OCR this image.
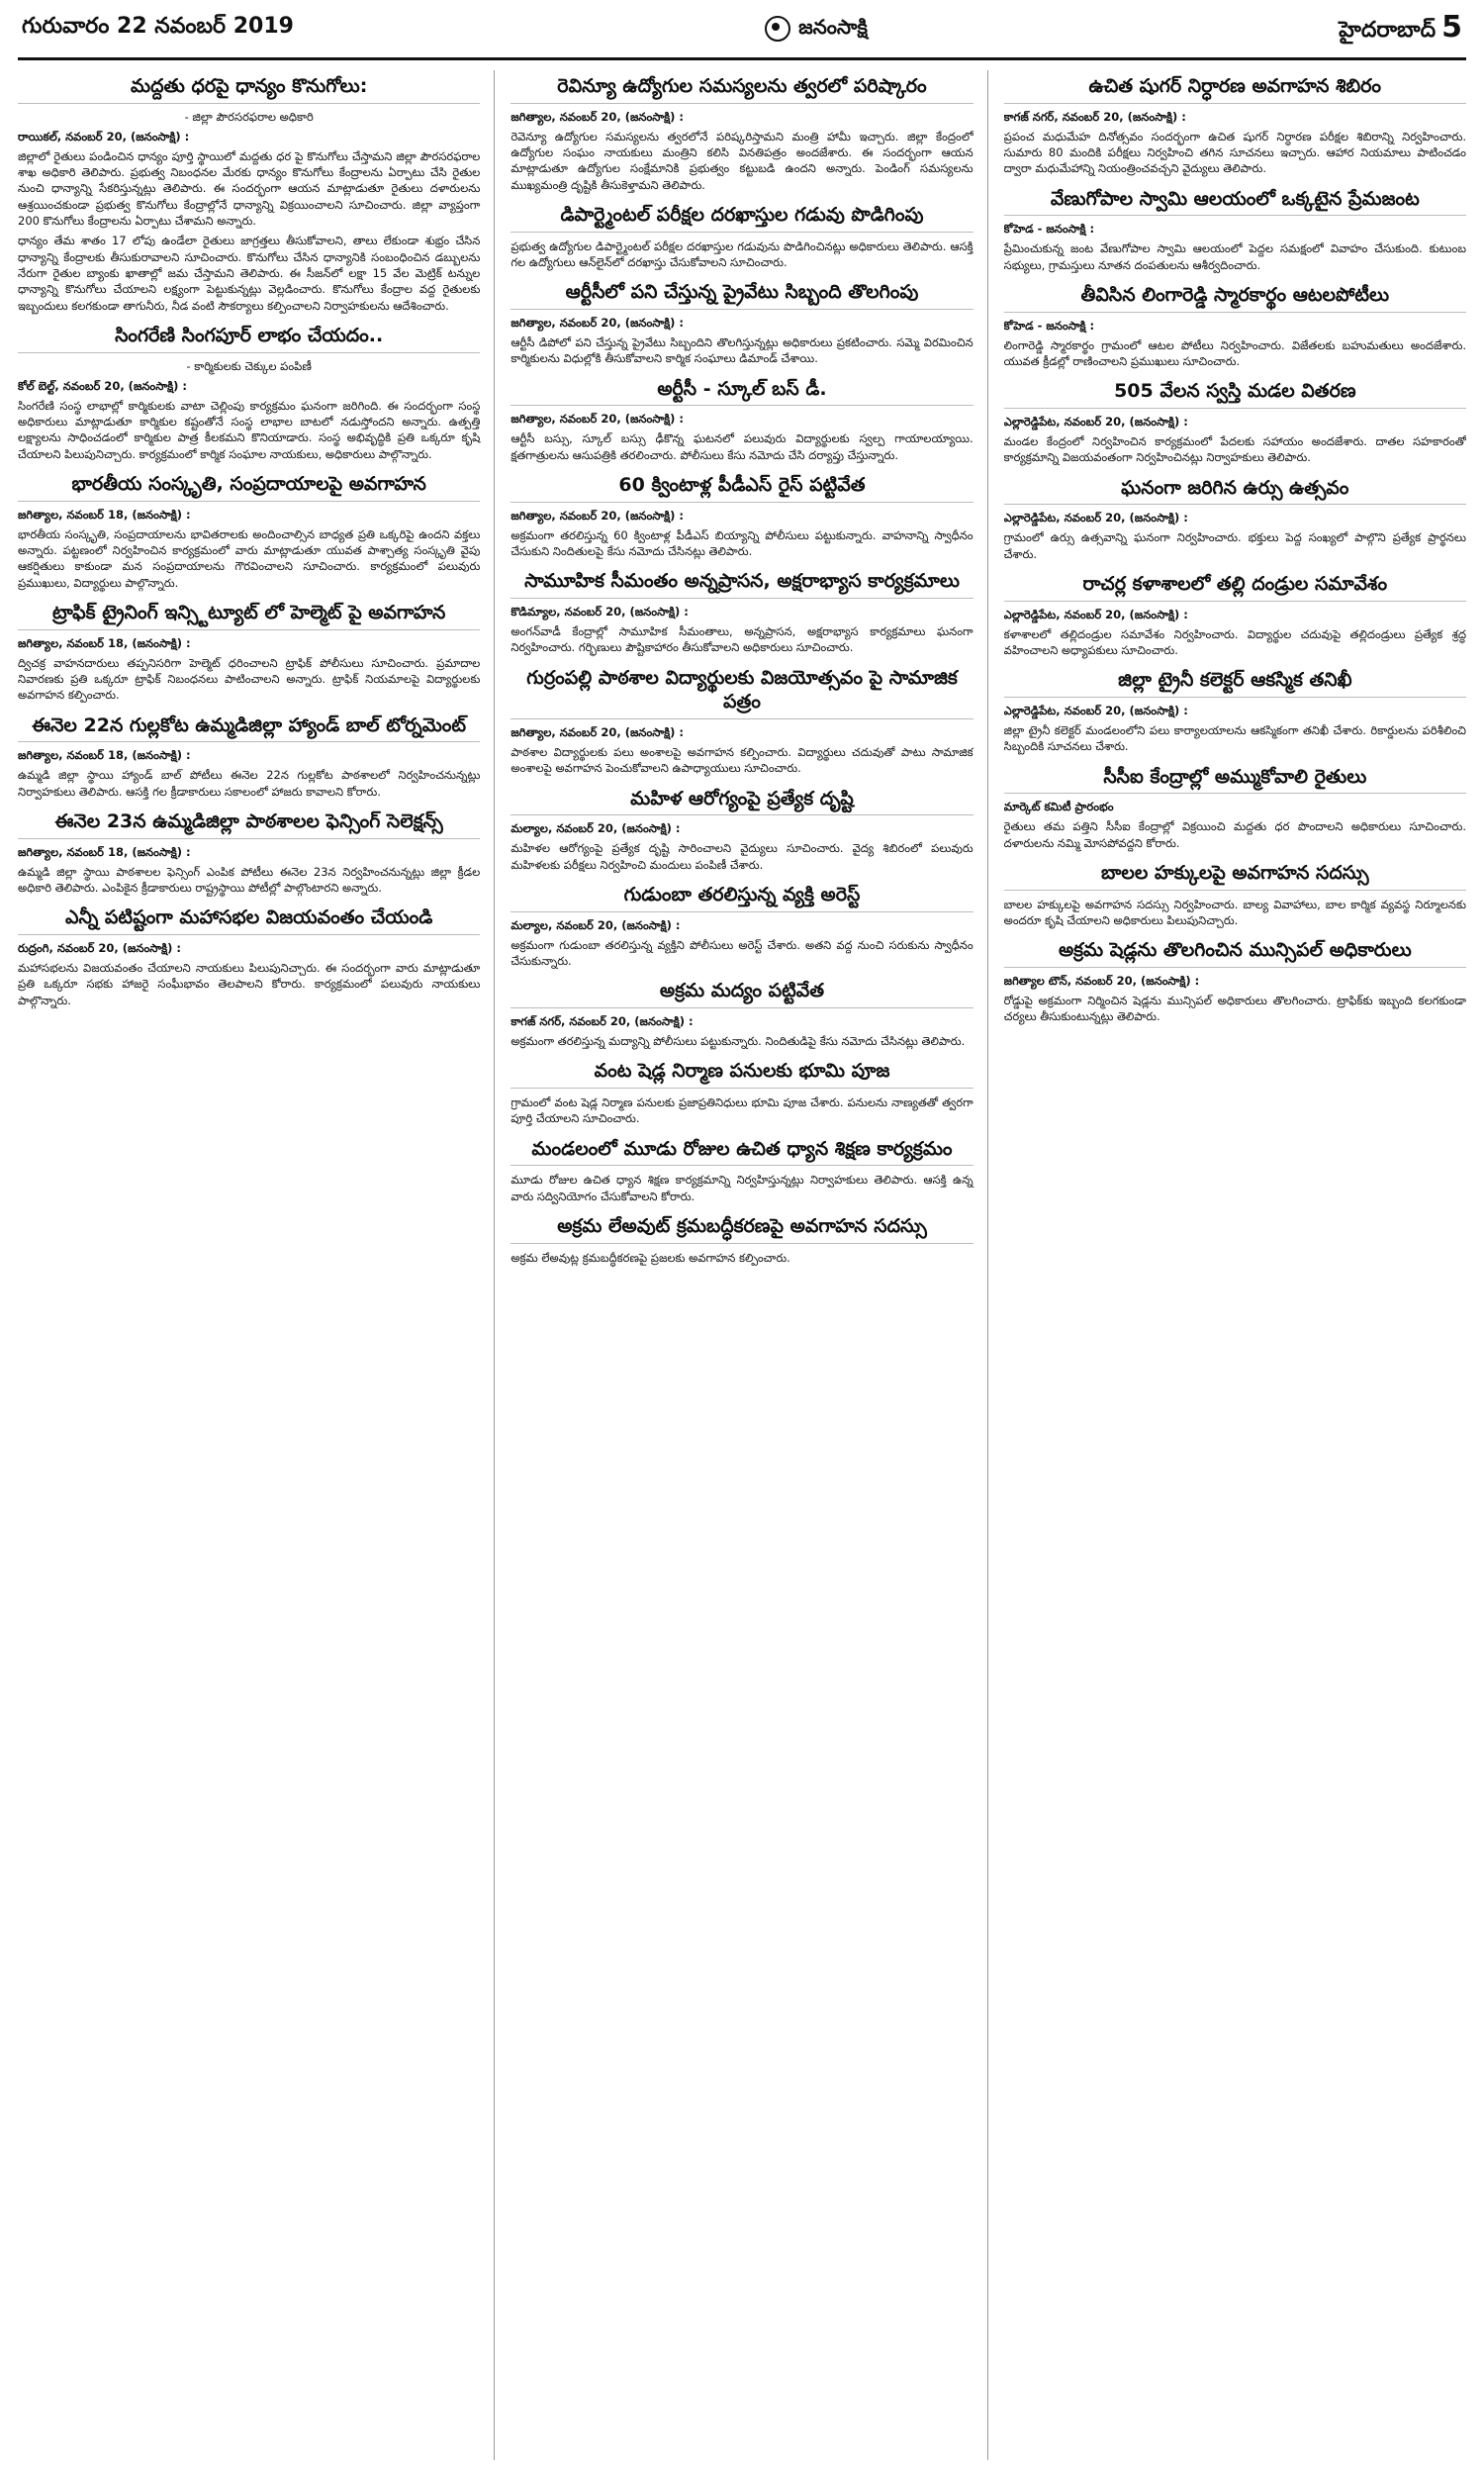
గురువారం 22 నవంబర్ 2019	జనంసాక్షి	హైదరాబాద్ 5
మద్దతు ధరపై ధాన్యం కొనుగోలు:
- జిల్లా పౌరసరఫరాల అధికారి
రాయికల్, నవంబర్ 20, (జనంసాక్షి) :

జిల్లాలో రైతులు పండించిన ధాన్యం పూర్తి స్థాయిలో మద్దతు ధర పై కొనుగోలు చేస్తామని జిల్లా పౌరసరఫరాల శాఖ అధికారి తెలిపారు. ప్రభుత్వ నిబంధనల మేరకు ధాన్యం కొనుగోలు కేంద్రాలను ఏర్పాటు చేసి రైతుల నుంచి ధాన్యాన్ని సేకరిస్తున్నట్లు తెలిపారు. ఈ సందర్భంగా ఆయన మాట్లాడుతూ రైతులు దళారులను ఆశ్రయించకుండా ప్రభుత్వ కొనుగోలు కేంద్రాల్లోనే ధాన్యాన్ని విక్రయించాలని సూచించారు. జిల్లా వ్యాప్తంగా 200 కొనుగోలు కేంద్రాలను ఏర్పాటు చేశామని అన్నారు.

ధాన్యం తేమ శాతం 17 లోపు ఉండేలా రైతులు జాగ్రత్తలు తీసుకోవాలని, తాలు లేకుండా శుభ్రం చేసిన ధాన్యాన్ని కేంద్రాలకు తీసుకురావాలని సూచించారు. కొనుగోలు చేసిన ధాన్యానికి సంబంధించిన డబ్బులను నేరుగా రైతుల బ్యాంకు ఖాతాల్లో జమ చేస్తామని తెలిపారు. ఈ సీజన్‌లో లక్షా 15 వేల మెట్రిక్ టన్నుల ధాన్యాన్ని కొనుగోలు చేయాలని లక్ష్యంగా పెట్టుకున్నట్లు వెల్లడించారు. కొనుగోలు కేంద్రాల వద్ద రైతులకు ఇబ్బందులు కలగకుండా తాగునీరు, నీడ వంటి సౌకర్యాలు కల్పించాలని నిర్వాహకులను ఆదేశించారు.

సింగరేణి సింగపూర్ లాభం చేయదం..
- కార్మికులకు చెక్కుల పంపిణీ
కోల్ బెల్ట్, నవంబర్ 20, (జనంసాక్షి) :

సింగరేణి సంస్థ లాభాల్లో కార్మికులకు వాటా చెల్లింపు కార్యక్రమం ఘనంగా జరిగింది. ఈ సందర్భంగా సంస్థ అధికారులు మాట్లాడుతూ కార్మికుల కష్టంతోనే సంస్థ లాభాల బాటలో నడుస్తోందని అన్నారు. ఉత్పత్తి లక్ష్యాలను సాధించడంలో కార్మికుల పాత్ర కీలకమని కొనియాడారు. సంస్థ అభివృద్ధికి ప్రతి ఒక్కరూ కృషి చేయాలని పిలుపునిచ్చారు. కార్యక్రమంలో కార్మిక సంఘాల నాయకులు, అధికారులు పాల్గొన్నారు.

భారతీయ సంస్కృతి, సంప్రదాయాలపై అవగాహన
జగిత్యాల, నవంబర్ 18, (జనంసాక్షి) :

భారతీయ సంస్కృతి, సంప్రదాయాలను భావితరాలకు అందించాల్సిన బాధ్యత ప్రతి ఒక్కరిపై ఉందని వక్తలు అన్నారు. పట్టణంలో నిర్వహించిన కార్యక్రమంలో వారు మాట్లాడుతూ యువత పాశ్చాత్య సంస్కృతి వైపు ఆకర్షితులు కాకుండా మన సంప్రదాయాలను గౌరవించాలని సూచించారు. కార్యక్రమంలో పలువురు ప్రముఖులు, విద్యార్థులు పాల్గొన్నారు.

ట్రాఫిక్ ట్రైనింగ్ ఇన్స్టిట్యూట్ లో హెల్మెట్ పై అవగాహన
జగిత్యాల, నవంబర్ 18, (జనంసాక్షి) :

ద్విచక్ర వాహనదారులు తప్పనిసరిగా హెల్మెట్ ధరించాలని ట్రాఫిక్ పోలీసులు సూచించారు. ప్రమాదాల నివారణకు ప్రతి ఒక్కరూ ట్రాఫిక్ నిబంధనలు పాటించాలని అన్నారు. ట్రాఫిక్ నియమాలపై విద్యార్థులకు అవగాహన కల్పించారు.

ఈనెల 22న గుల్లకోట ఉమ్మడిజిల్లా హ్యాండ్ బాల్ టోర్నమెంట్
జగిత్యాల, నవంబర్ 18, (జనంసాక్షి) :

ఉమ్మడి జిల్లా స్థాయి హ్యాండ్ బాల్ పోటీలు ఈనెల 22న గుల్లకోట పాఠశాలలో నిర్వహించనున్నట్లు నిర్వాహకులు తెలిపారు. ఆసక్తి గల క్రీడాకారులు సకాలంలో హాజరు కావాలని కోరారు.

ఈనెల 23న ఉమ్మడిజిల్లా పాఠశాలల ఫెన్సింగ్ సెలెక్షన్స్
జగిత్యాల, నవంబర్ 18, (జనంసాక్షి) :

ఉమ్మడి జిల్లా స్థాయి పాఠశాలల ఫెన్సింగ్ ఎంపిక పోటీలు ఈనెల 23న నిర్వహించనున్నట్లు జిల్లా క్రీడల అధికారి తెలిపారు. ఎంపికైన క్రీడాకారులు రాష్ట్రస్థాయి పోటీల్లో పాల్గొంటారని అన్నారు.

ఎన్నీ పటిష్టంగా మహాసభల విజయవంతం చేయండి
రుద్రంగి, నవంబర్ 20, (జనంసాక్షి) :

మహాసభలను విజయవంతం చేయాలని నాయకులు పిలుపునిచ్చారు. ఈ సందర్భంగా వారు మాట్లాడుతూ ప్రతి ఒక్కరూ సభకు హాజరై సంఘీభావం తెలపాలని కోరారు. కార్యక్రమంలో పలువురు నాయకులు పాల్గొన్నారు.

రెవిన్యూ ఉద్యోగుల సమస్యలను త్వరలో పరిష్కారం
జగిత్యాల, నవంబర్ 20, (జనంసాక్షి) :

రెవెన్యూ ఉద్యోగుల సమస్యలను త్వరలోనే పరిష్కరిస్తామని మంత్రి హామీ ఇచ్చారు. జిల్లా కేంద్రంలో ఉద్యోగుల సంఘం నాయకులు మంత్రిని కలిసి వినతిపత్రం అందజేశారు. ఈ సందర్భంగా ఆయన మాట్లాడుతూ ఉద్యోగుల సంక్షేమానికి ప్రభుత్వం కట్టుబడి ఉందని అన్నారు. పెండింగ్ సమస్యలను ముఖ్యమంత్రి దృష్టికి తీసుకెళ్తామని తెలిపారు.

డిపార్ట్మెంటల్ పరీక్షల దరఖాస్తుల గడువు పొడిగింపు

ప్రభుత్వ ఉద్యోగుల డిపార్ట్మెంటల్ పరీక్షల దరఖాస్తుల గడువును పొడిగించినట్లు అధికారులు తెలిపారు. ఆసక్తి గల ఉద్యోగులు ఆన్‌లైన్‌లో దరఖాస్తు చేసుకోవాలని సూచించారు.

ఆర్టీసీలో పని చేస్తున్న ప్రైవేటు సిబ్బంది తొలగింపు
జగిత్యాల, నవంబర్ 20, (జనంసాక్షి) :

ఆర్టీసీ డిపోలో పని చేస్తున్న ప్రైవేటు సిబ్బందిని తొలగిస్తున్నట్లు అధికారులు ప్రకటించారు. సమ్మె విరమించిన కార్మికులను విధుల్లోకి తీసుకోవాలని కార్మిక సంఘాలు డిమాండ్ చేశాయి.

అర్టీసీ - స్కూల్ బస్ డీ.
జగిత్యాల, నవంబర్ 20, (జనంసాక్షి) :

ఆర్టీసీ బస్సు, స్కూల్ బస్సు ఢీకొన్న ఘటనలో పలువురు విద్యార్థులకు స్వల్ప గాయాలయ్యాయి. క్షతగాత్రులను ఆసుపత్రికి తరలించారు. పోలీసులు కేసు నమోదు చేసి దర్యాప్తు చేస్తున్నారు.

60 క్వింటాళ్ల పీడీఎస్ రైస్ పట్టివేత
జగిత్యాల, నవంబర్ 20, (జనంసాక్షి) :

అక్రమంగా తరలిస్తున్న 60 క్వింటాళ్ల పీడీఎస్ బియ్యాన్ని పోలీసులు పట్టుకున్నారు. వాహనాన్ని స్వాధీనం చేసుకుని నిందితులపై కేసు నమోదు చేసినట్లు తెలిపారు.

సామూహిక సీమంతం అన్నప్రాసన, అక్షరాభ్యాస కార్యక్రమాలు
కొడిమ్యాల, నవంబర్ 20, (జనంసాక్షి) :

అంగన్‌వాడీ కేంద్రాల్లో సామూహిక సీమంతాలు, అన్నప్రాసన, అక్షరాభ్యాస కార్యక్రమాలు ఘనంగా నిర్వహించారు. గర్భిణులు పౌష్టికాహారం తీసుకోవాలని అధికారులు సూచించారు.

గుర్రంపల్లి పాఠశాల విద్యార్థులకు విజయోత్సవం పై సామాజిక పత్రం
జగిత్యాల, నవంబర్ 20, (జనంసాక్షి) :

పాఠశాల విద్యార్థులకు పలు అంశాలపై అవగాహన కల్పించారు. విద్యార్థులు చదువుతో పాటు సామాజిక అంశాలపై అవగాహన పెంచుకోవాలని ఉపాధ్యాయులు సూచించారు.

మహిళ ఆరోగ్యంపై ప్రత్యేక దృష్టి
మల్యాల, నవంబర్ 20, (జనంసాక్షి) :

మహిళల ఆరోగ్యంపై ప్రత్యేక దృష్టి సారించాలని వైద్యులు సూచించారు. వైద్య శిబిరంలో పలువురు మహిళలకు పరీక్షలు నిర్వహించి మందులు పంపిణీ చేశారు.

గుడుంబా తరలిస్తున్న వ్యక్తి అరెస్ట్
మల్యాల, నవంబర్ 20, (జనంసాక్షి) :

అక్రమంగా గుడుంబా తరలిస్తున్న వ్యక్తిని పోలీసులు అరెస్ట్ చేశారు. అతని వద్ద నుంచి సరుకును స్వాధీనం చేసుకున్నారు.

అక్రమ మద్యం పట్టివేత
కాగజ్ నగర్, నవంబర్ 20, (జనంసాక్షి) :

అక్రమంగా తరలిస్తున్న మద్యాన్ని పోలీసులు పట్టుకున్నారు. నిందితుడిపై కేసు నమోదు చేసినట్లు తెలిపారు.

వంట షెడ్ల నిర్మాణ పనులకు భూమి పూజ

గ్రామంలో వంట షెడ్ల నిర్మాణ పనులకు ప్రజాప్రతినిధులు భూమి పూజ చేశారు. పనులను నాణ్యతతో త్వరగా పూర్తి చేయాలని సూచించారు.

మండలంలో మూడు రోజుల ఉచిత ధ్యాన శిక్షణ కార్యక్రమం

మూడు రోజుల ఉచిత ధ్యాన శిక్షణ కార్యక్రమాన్ని నిర్వహిస్తున్నట్లు నిర్వాహకులు తెలిపారు. ఆసక్తి ఉన్న వారు సద్వినియోగం చేసుకోవాలని కోరారు.

అక్రమ లేఅవుట్ క్రమబద్ధీకరణపై అవగాహన సదస్సు

అక్రమ లేఅవుట్ల క్రమబద్ధీకరణపై ప్రజలకు అవగాహన కల్పించారు.

ఉచిత షుగర్ నిర్ధారణ అవగాహన శిబిరం
కాగజ్ నగర్, నవంబర్ 20, (జనంసాక్షి) :

ప్రపంచ మధుమేహ దినోత్సవం సందర్భంగా ఉచిత షుగర్ నిర్ధారణ పరీక్షల శిబిరాన్ని నిర్వహించారు. సుమారు 80 మందికి పరీక్షలు నిర్వహించి తగిన సూచనలు ఇచ్చారు. ఆహార నియమాలు పాటించడం ద్వారా మధుమేహాన్ని నియంత్రించవచ్చని వైద్యులు తెలిపారు.

వేణుగోపాల స్వామి ఆలయంలో ఒక్కటైన ప్రేమజంట
కోహెడ - జనంసాక్షి :

ప్రేమించుకున్న జంట వేణుగోపాల స్వామి ఆలయంలో పెద్దల సమక్షంలో వివాహం చేసుకుంది. కుటుంబ సభ్యులు, గ్రామస్తులు నూతన దంపతులను ఆశీర్వదించారు.

తీవిసిన లింగారెడ్డి స్మారకార్థం ఆటలపోటీలు
కోహెడ - జనంసాక్షి :

లింగారెడ్డి స్మారకార్థం గ్రామంలో ఆటల పోటీలు నిర్వహించారు. విజేతలకు బహుమతులు అందజేశారు. యువత క్రీడల్లో రాణించాలని ప్రముఖులు సూచించారు.

505 వేలన స్వస్తి మడల వితరణ
ఎల్లారెడ్డిపేట, నవంబర్ 20, (జనంసాక్షి) :

మండల కేంద్రంలో నిర్వహించిన కార్యక్రమంలో పేదలకు సహాయం అందజేశారు. దాతల సహకారంతో కార్యక్రమాన్ని విజయవంతంగా నిర్వహించినట్లు నిర్వాహకులు తెలిపారు.

ఘనంగా జరిగిన ఉర్సు ఉత్సవం
ఎల్లారెడ్డిపేట, నవంబర్ 20, (జనంసాక్షి) :

గ్రామంలో ఉర్సు ఉత్సవాన్ని ఘనంగా నిర్వహించారు. భక్తులు పెద్ద సంఖ్యలో పాల్గొని ప్రత్యేక ప్రార్థనలు చేశారు.

రాచర్ల కళాశాలలో తల్లి దండ్రుల సమావేశం
ఎల్లారెడ్డిపేట, నవంబర్ 20, (జనంసాక్షి) :

కళాశాలలో తల్లిదండ్రుల సమావేశం నిర్వహించారు. విద్యార్థుల చదువుపై తల్లిదండ్రులు ప్రత్యేక శ్రద్ధ వహించాలని అధ్యాపకులు సూచించారు.

జిల్లా ట్రైనీ కలెక్టర్ ఆకస్మిక తనిఖీ
ఎల్లారెడ్డిపేట, నవంబర్ 20, (జనంసాక్షి) :

జిల్లా ట్రైనీ కలెక్టర్ మండలంలోని పలు కార్యాలయాలను ఆకస్మికంగా తనిఖీ చేశారు. రికార్డులను పరిశీలించి సిబ్బందికి సూచనలు చేశారు.

సీసీఐ కేంద్రాల్లో అమ్ముకోవాలి రైతులు
మార్కెట్ కమిటీ ప్రారంభం

రైతులు తమ పత్తిని సీసీఐ కేంద్రాల్లో విక్రయించి మద్దతు ధర పొందాలని అధికారులు సూచించారు. దళారులను నమ్మి మోసపోవద్దని కోరారు.

బాలల హక్కులపై అవగాహన సదస్సు

బాలల హక్కులపై అవగాహన సదస్సు నిర్వహించారు. బాల్య వివాహాలు, బాల కార్మిక వ్యవస్థ నిర్మూలనకు అందరూ కృషి చేయాలని అధికారులు పిలుపునిచ్చారు.

అక్రమ షెడ్లను తొలగించిన మున్సిపల్ అధికారులు
జగిత్యాల టౌన్, నవంబర్ 20, (జనంసాక్షి) :

రోడ్డుపై అక్రమంగా నిర్మించిన షెడ్లను మున్సిపల్ అధికారులు తొలగించారు. ట్రాఫిక్‌కు ఇబ్బంది కలగకుండా చర్యలు తీసుకుంటున్నట్లు తెలిపారు.
